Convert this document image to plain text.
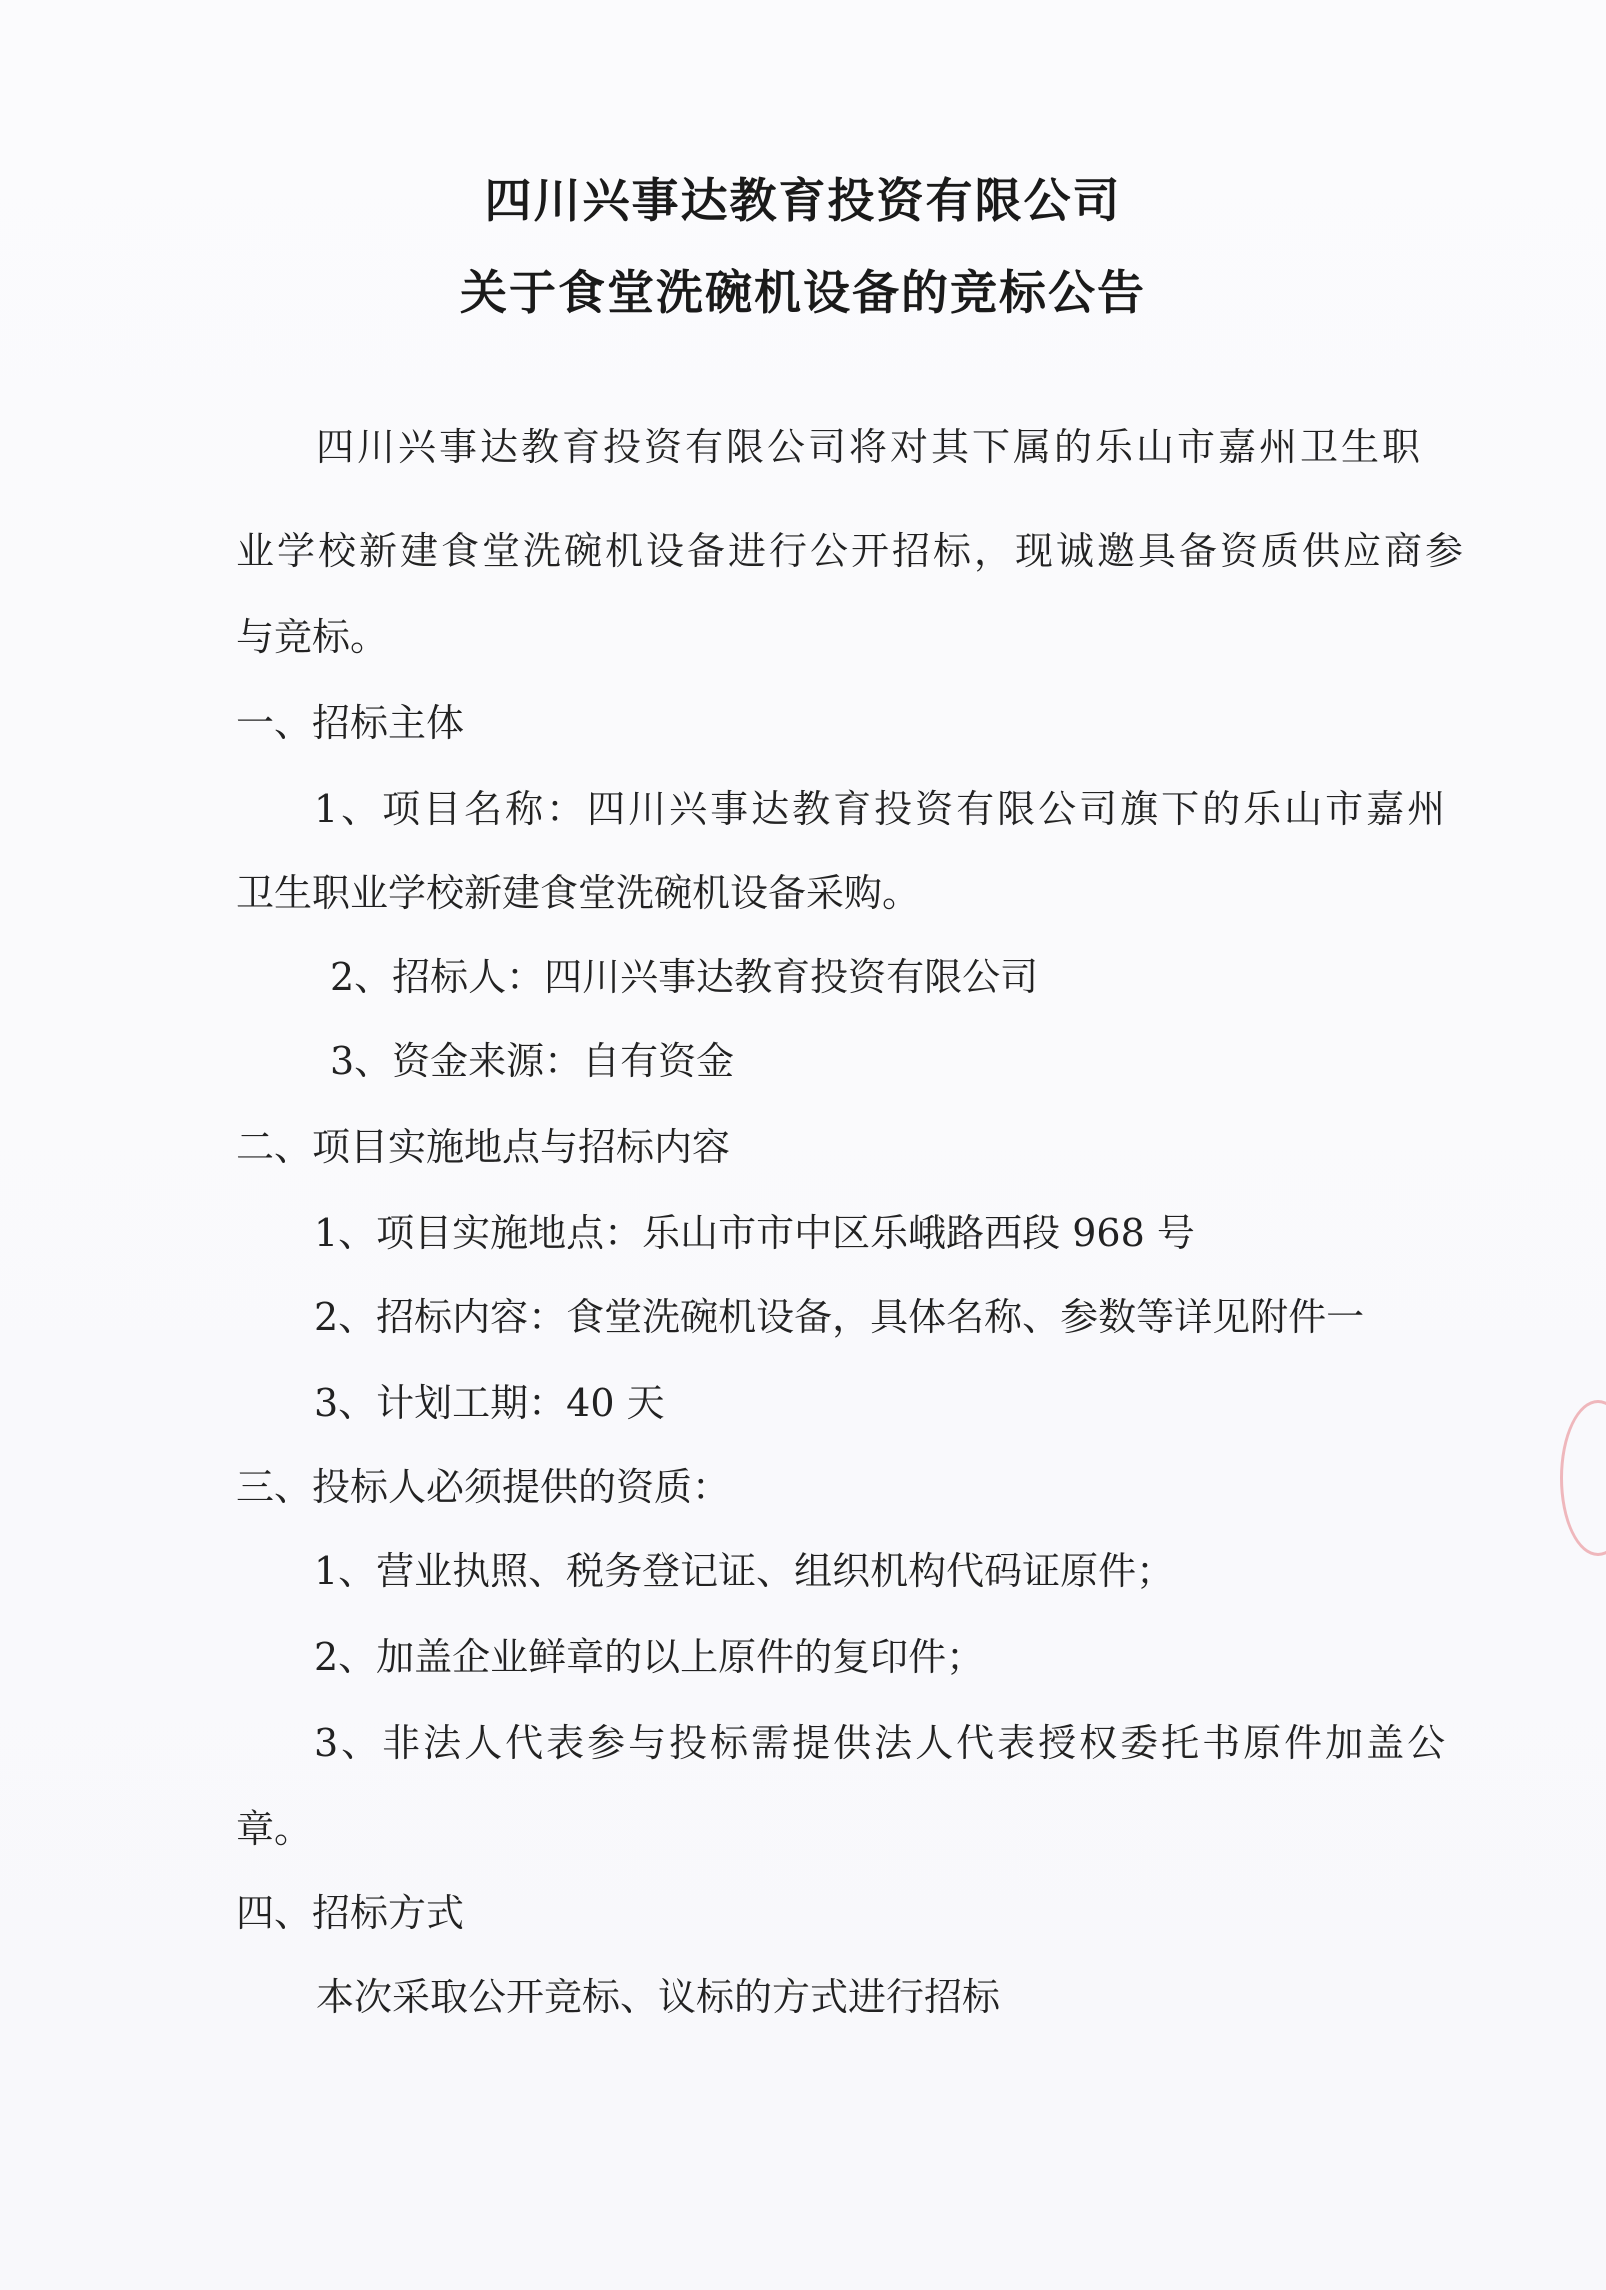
四川兴事达教育投资有限公司
关于食堂洗碗机设备的竞标公告
四川兴事达教育投资有限公司将对其下属的乐山市嘉州卫生职
业学校新建食堂洗碗机设备进行公开招标，现诚邀具备资质供应商参
与竞标。
一、招标主体
1、项目名称：四川兴事达教育投资有限公司旗下的乐山市嘉州
卫生职业学校新建食堂洗碗机设备采购。
2、招标人：四川兴事达教育投资有限公司
3、资金来源：自有资金
二、项目实施地点与招标内容
1、项目实施地点：乐山市市中区乐峨路西段 968 号
2、招标内容：食堂洗碗机设备，具体名称、参数等详见附件一
3、计划工期：40 天
三、投标人必须提供的资质：
1、营业执照、税务登记证、组织机构代码证原件；
2、加盖企业鲜章的以上原件的复印件；
3、非法人代表参与投标需提供法人代表授权委托书原件加盖公
章。
四、招标方式
本次采取公开竞标、议标的方式进行招标
